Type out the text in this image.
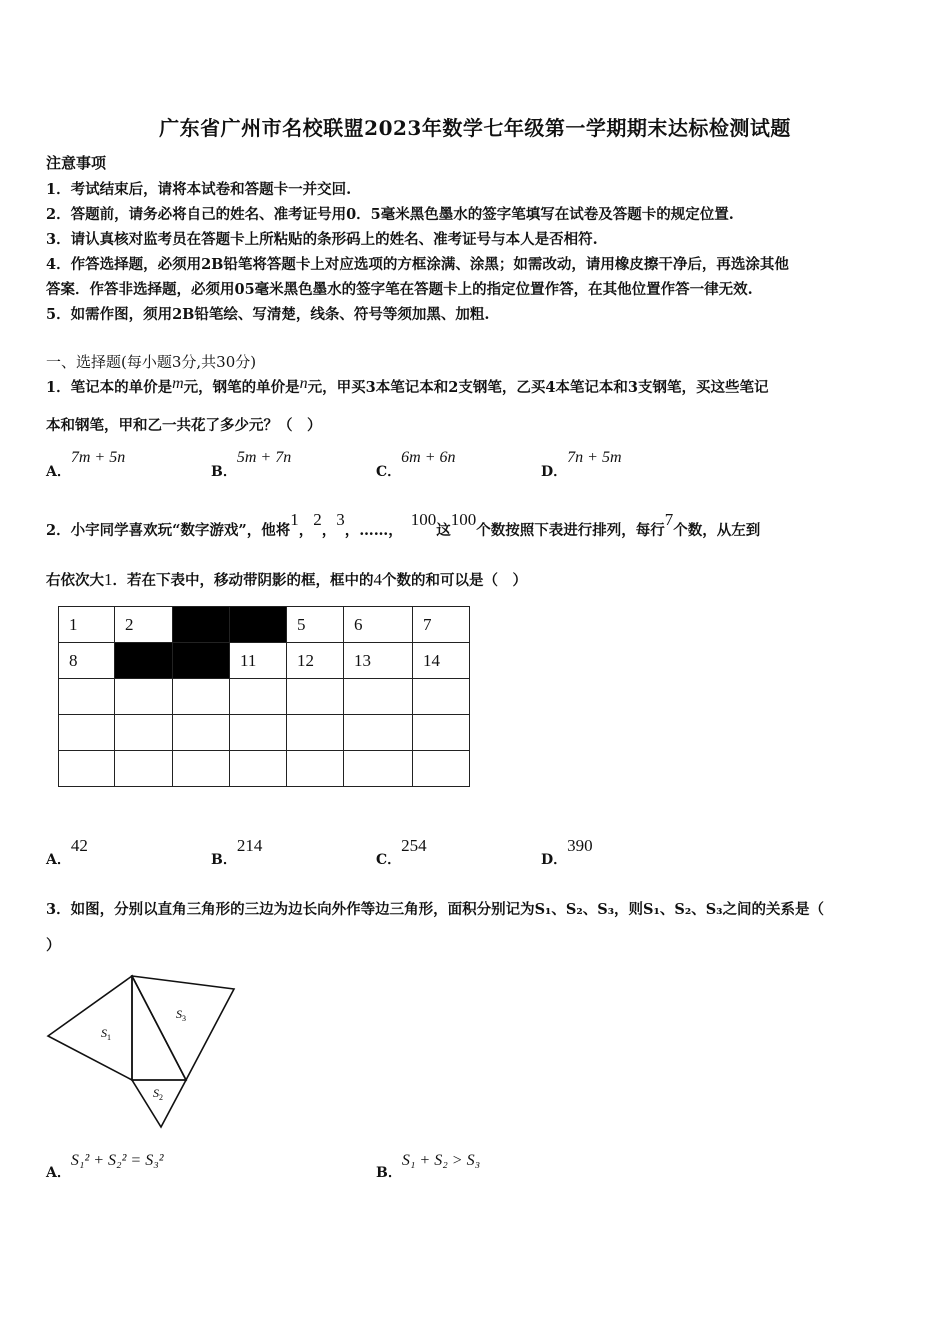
广东省广州市名校联盟2023年数学七年级第一学期期末达标检测试题
注意事项
1．考试结束后，请将本试卷和答题卡一并交回.
2．答题前，请务必将自己的姓名、准考证号用0．5毫米黑色墨水的签字笔填写在试卷及答题卡的规定位置.
3．请认真核对监考员在答题卡上所粘贴的条形码上的姓名、准考证号与本人是否相符.
4．作答选择题，必须用2B铅笔将答题卡上对应选项的方框涂满、涂黑；如需改动，请用橡皮擦干净后，再选涂其他
答案．作答非选择题，必须用05毫米黑色墨水的签字笔在答题卡上的指定位置作答，在其他位置作答一律无效.
5．如需作图，须用2B铅笔绘、写清楚，线条、符号等须加黑、加粗.
一、选择题(每小题3分,共30分)
1．笔记本的单价是m元，钢笔的单价是n元，甲买3本笔记本和2支钢笔，乙买4本笔记本和3支钢笔，买这些笔记
本和钢笔，甲和乙一共花了多少元？（　）
A．7m + 5n
B．5m + 7n
C．6m + 6n
D．7n + 5m
2．小宇同学喜欢玩“数字游戏”，他将1，2，3，……，100这100个数按照下表进行排列，每行7个数，从左到
右依次大1．若在下表中，移动带阴影的框，框中的4个数的和可以是（　）
1	2			5	6	7
8			11	12	13	14

A．42
B．214
C．254
D．390
3．如图，分别以直角三角形的三边为边长向外作等边三角形，面积分别记为S₁、S₂、S₃，则S₁、S₂、S₃之间的关系是（
）
$S_1$
$S_3$
$S_2$
A．S₁² + S₂² = S₃²
B．S₁ + S₂ > S₃
